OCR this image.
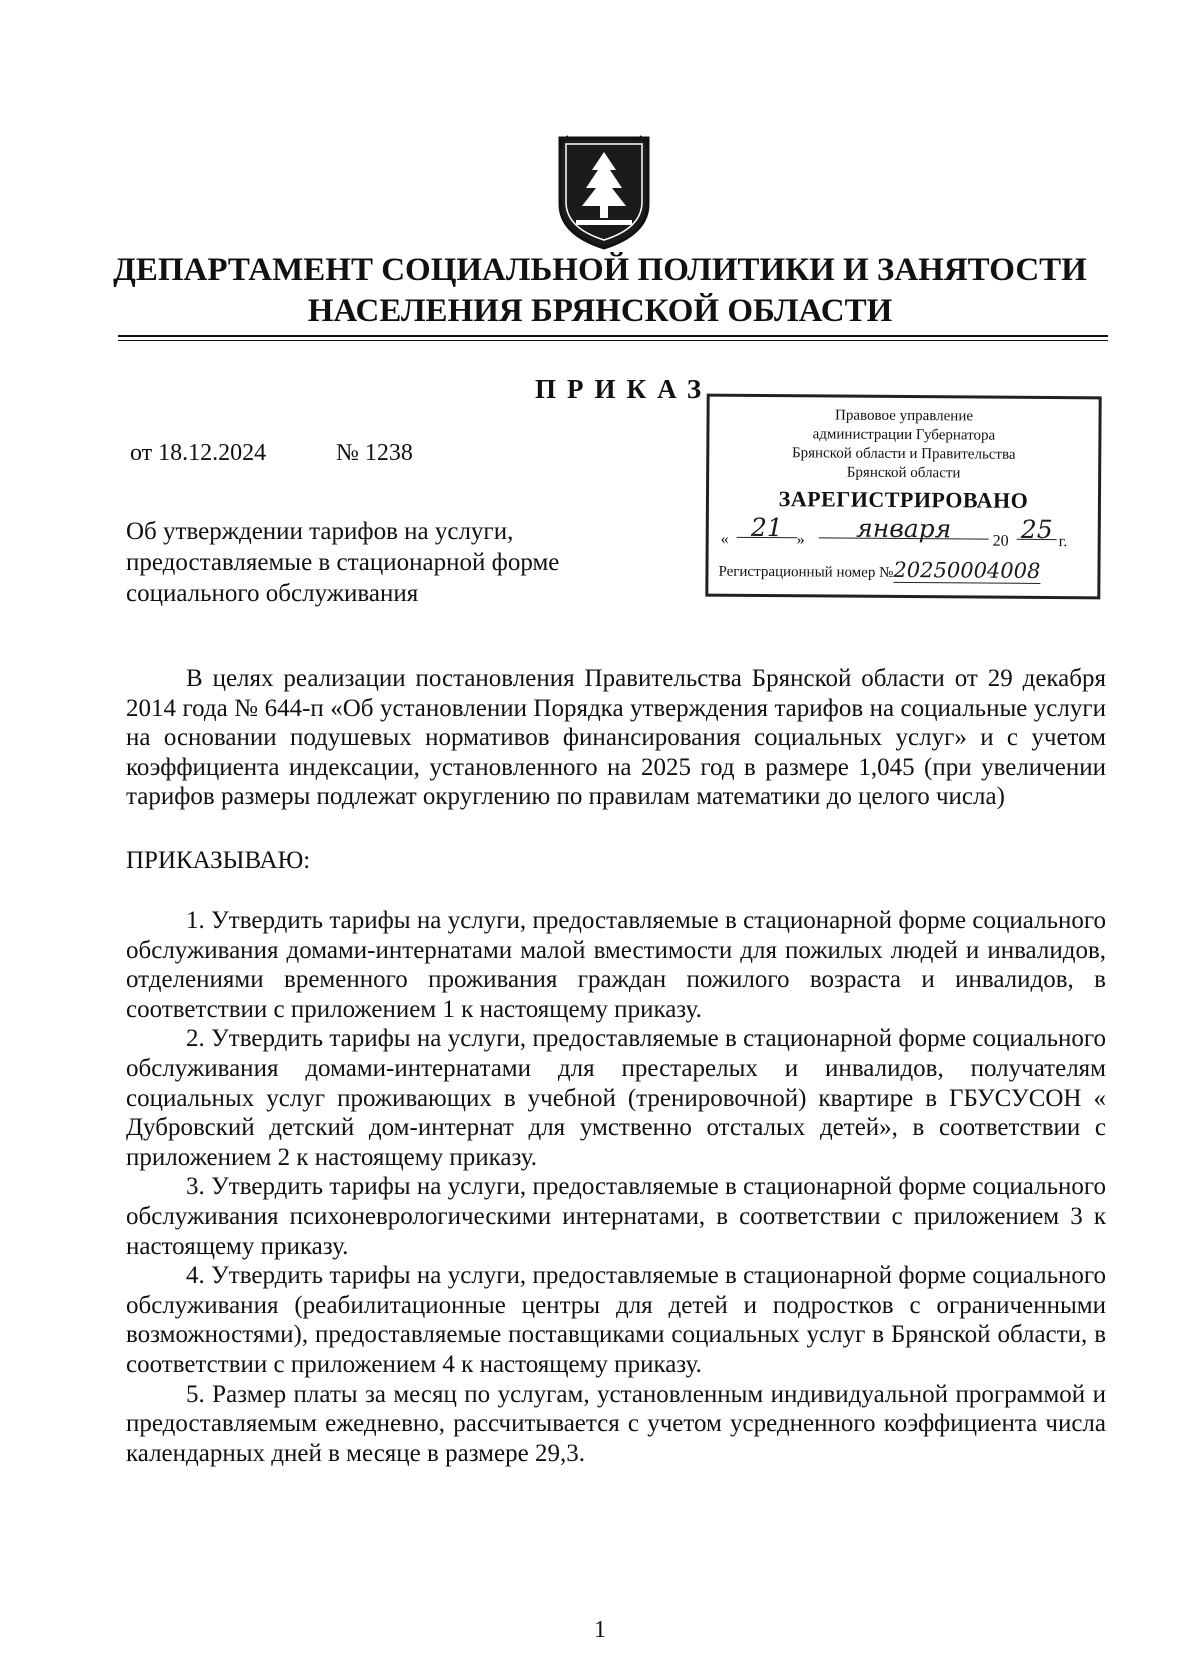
ДЕПАРТАМЕНТ СОЦИАЛЬНОЙ ПОЛИТИКИ И ЗАНЯТОСТИ
НАСЕЛЕНИЯ БРЯНСКОЙ ОБЛАСТИ
ПРИКАЗ
от 18.12.2024	№ 1238
Об утверждении тарифов на услуги, предоставляемые в стационарной форме социального обслуживания
Правовое управление
администрации Губернатора
Брянской области и Правительства
Брянской области
ЗАРЕГИСТРИРОВАНО
« 21 »	января	20 25 г.
Регистрационный номер №20250004008
В целях реализации постановления Правительства Брянской области от 29 декабря 2014 года № 644-п «Об установлении Порядка утверждения тарифов на социальные услуги на основании подушевых нормативов финансирования социальных услуг» и с учетом коэффициента индексации, установленного на 2025 год в размере 1,045 (при увеличении тарифов размеры подлежат округлению по правилам математики до целого числа)
ПРИКАЗЫВАЮ:

1. Утвердить тарифы на услуги, предоставляемые в стационарной форме социального обслуживания домами-интернатами малой вместимости для пожилых людей и инвалидов, отделениями временного проживания граждан пожилого возраста и инвалидов, в соответствии с приложением 1 к настоящему приказу.

2. Утвердить тарифы на услуги, предоставляемые в стационарной форме социального обслуживания домами-интернатами для престарелых и инвалидов, получателям социальных услуг проживающих в учебной (тренировочной) квартире в ГБУСУСОН « Дубровский детский дом-интернат для умственно отсталых детей», в соответствии с приложением 2 к настоящему приказу.

3. Утвердить тарифы на услуги, предоставляемые в стационарной форме социального обслуживания психоневрологическими интернатами, в соответствии с приложением 3 к настоящему приказу.

4. Утвердить тарифы на услуги, предоставляемые в стационарной форме социального обслуживания (реабилитационные центры для детей и подростков с ограниченными возможностями), предоставляемые поставщиками социальных услуг в Брянской области, в соответствии с приложением 4 к настоящему приказу.

5. Размер платы за месяц по услугам, установленным индивидуальной программой и предоставляемым ежедневно, рассчитывается с учетом усредненного коэффициента числа календарных дней в месяце в размере 29,3.

1
